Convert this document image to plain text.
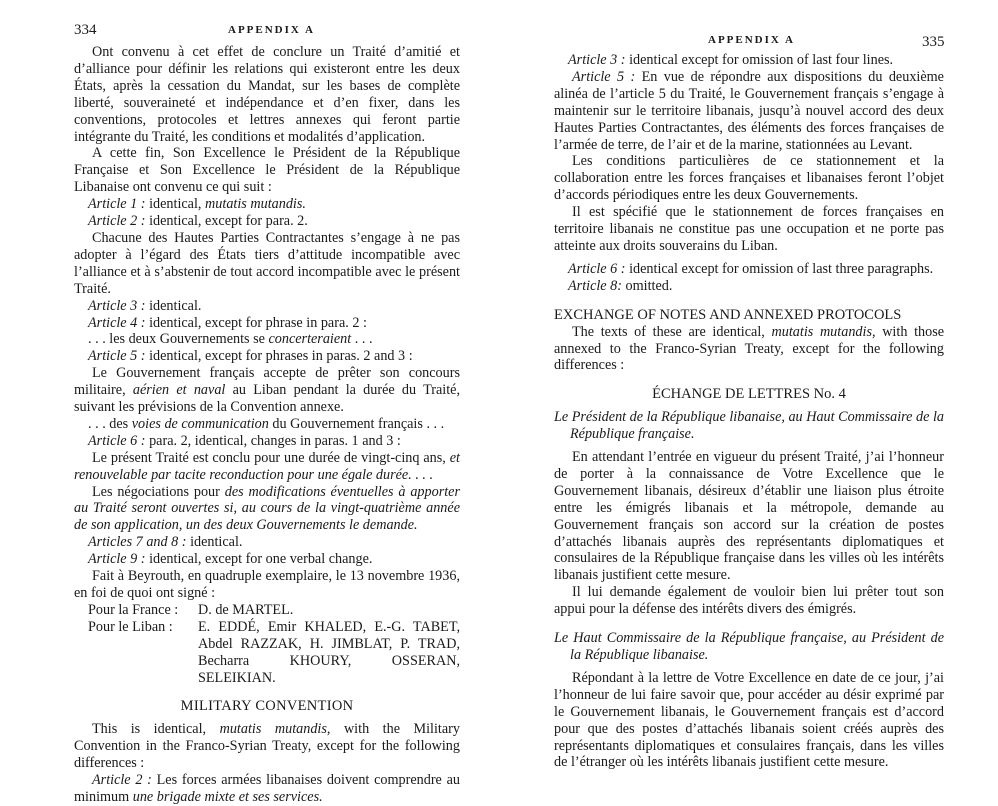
334	APPENDIX A

Ont convenu à cet effet de conclure un Traité d’amitié et d’alliance pour définir les relations qui existeront entre les deux États, après la cessation du Mandat, sur les bases de complète liberté, souveraineté et indépendance et d’en fixer, dans les conventions, protocoles et lettres annexes qui feront partie intégrante du Traité, les conditions et modalités d’application.

A cette fin, Son Excellence le Président de la République Française et Son Excellence le Président de la République Libanaise ont convenu ce qui suit :

Article 1 : identical, mutatis mutandis.

Article 2 : identical, except for para. 2.

Chacune des Hautes Parties Contractantes s’engage à ne pas adopter à l’égard des États tiers d’attitude incompatible avec l’alliance et à s’abstenir de tout accord incompatible avec le présent Traité.

Article 3 : identical.

Article 4 : identical, except for phrase in para. 2 :

. . . les deux Gouvernements se concerteraient . . .

Article 5 : identical, except for phrases in paras. 2 and 3 :

Le Gouvernement français accepte de prêter son concours militaire, aérien et naval au Liban pendant la durée du Traité, suivant les prévisions de la Convention annexe.

. . . des voies de communication du Gouvernement français . . .

Article 6 : para. 2, identical, changes in paras. 1 and 3 :

Le présent Traité est conclu pour une durée de vingt-cinq ans, et renouvelable par tacite reconduction pour une égale durée. . . .

Les négociations pour des modifications éventuelles à apporter au Traité seront ouvertes si, au cours de la vingt-quatrième année de son application, un des deux Gouvernements le demande.

Articles 7 and 8 : identical.

Article 9 : identical, except for one verbal change.

Fait à Beyrouth, en quadruple exemplaire, le 13 novembre 1936, en foi de quoi ont signé :

Pour la France :	D. de MARTEL.
Pour le Liban :	E. EDDÉ, Emir KHALED, E.-G. TABET, Abdel RAZZAK, H. JIMBLAT, P. TRAD, Becharra KHOURY, OSSERAN, SELEIKIAN.

MILITARY CONVENTION

This is identical, mutatis mutandis, with the Military Convention in the Franco-Syrian Treaty, except for the following differences :

Article 2 : Les forces armées libanaises doivent comprendre au minimum une brigade mixte et ses services.

APPENDIX A	335

Article 3 : identical except for omission of last four lines.

Article 5 : En vue de répondre aux dispositions du deuxième alinéa de l’article 5 du Traité, le Gouvernement français s’engage à maintenir sur le territoire libanais, jusqu’à nouvel accord des deux Hautes Parties Contractantes, des éléments des forces françaises de l’armée de terre, de l’air et de la marine, stationnées au Levant.

Les conditions particulières de ce stationnement et la collaboration entre les forces françaises et libanaises feront l’objet d’accords périodiques entre les deux Gouvernements.

Il est spécifié que le stationnement de forces françaises en territoire libanais ne constitue pas une occupation et ne porte pas atteinte aux droits souverains du Liban.

Article 6 : identical except for omission of last three paragraphs.

Article 8: omitted.

EXCHANGE OF NOTES AND ANNEXED PROTOCOLS

The texts of these are identical, mutatis mutandis, with those annexed to the Franco-Syrian Treaty, except for the following differences :

ÉCHANGE DE LETTRES No. 4

Le Président de la République libanaise, au Haut Commissaire de la République française.

En attendant l’entrée en vigueur du présent Traité, j’ai l’honneur de porter à la connaissance de Votre Excellence que le Gouvernement libanais, désireux d’établir une liaison plus étroite entre les émigrés libanais et la métropole, demande au Gouvernement français son accord sur la création de postes d’attachés libanais auprès des représentants diplomatiques et consulaires de la République française dans les villes où les intérêts libanais justifient cette mesure.

Il lui demande également de vouloir bien lui prêter tout son appui pour la défense des intérêts divers des émigrés.

Le Haut Commissaire de la République française, au Président de la République libanaise.

Répondant à la lettre de Votre Excellence en date de ce jour, j’ai l’honneur de lui faire savoir que, pour accéder au désir exprimé par le Gouvernement libanais, le Gouvernement français est d’accord pour que des postes d’attachés libanais soient créés auprès des représentants diplomatiques et consulaires français, dans les villes de l’étranger où les intérêts libanais justifient cette mesure.
